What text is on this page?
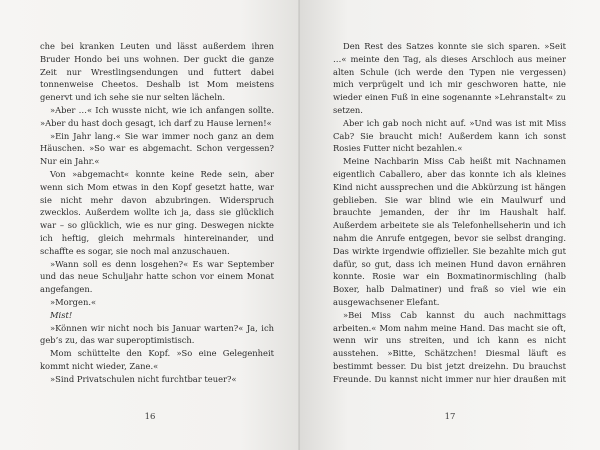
che bei kranken Leuten und lässt außerdem ihren Bruder Hondo bei uns wohnen. Der guckt die ganze Zeit nur Wrestlingsendungen und futtert dabei tonnenweise Cheetos. Deshalb ist Mom meistens genervt und ich sehe sie nur selten lächeln.

»Aber …« Ich wusste nicht, wie ich anfangen sollte. »Aber du hast doch gesagt, ich darf zu Hause lernen!«

»Ein Jahr lang.« Sie war immer noch ganz an dem Häuschen. »So war es abgemacht. Schon vergessen? Nur ein Jahr.«

Von »abgemacht« konnte keine Rede sein, aber wenn sich Mom etwas in den Kopf gesetzt hatte, war sie nicht mehr davon abzubringen. Widerspruch zwecklos. Außerdem wollte ich ja, dass sie glücklich war – so glücklich, wie es nur ging. Deswegen nickte ich heftig, gleich mehrmals hintereinander, und schaffte es sogar, sie noch mal anzuschauen.

»Wann soll es denn losgehen?« Es war September und das neue Schuljahr hatte schon vor einem Monat angefangen.

»Morgen.«

Mist!

»Können wir nicht noch bis Januar warten?« Ja, ich geb’s zu, das war superoptimistisch.

Mom schüttelte den Kopf. »So eine Gelegenheit kommt nicht wieder, Zane.«

»Sind Privatschulen nicht furchtbar teuer?«

16

Den Rest des Satzes konnte sie sich sparen. »Seit …« meinte den Tag, als dieses Arschloch aus meiner alten Schule (ich werde den Typen nie vergessen) mich verprügelt und ich mir geschworen hatte, nie wieder einen Fuß in eine sogenannte »Lehranstalt« zu setzen.

Aber ich gab noch nicht auf. »Und was ist mit Miss Cab? Sie braucht mich! Außerdem kann ich sonst Rosies Futter nicht bezahlen.«

Meine Nachbarin Miss Cab heißt mit Nachnamen eigentlich Caballero, aber das konnte ich als kleines Kind nicht aussprechen und die Abkürzung ist hängen geblieben. Sie war blind wie ein Maulwurf und brauchte jemanden, der ihr im Haushalt half. Außerdem arbeitete sie als Telefonhellseherin und ich nahm die Anrufe entgegen, bevor sie selbst dranging. Das wirkte irgendwie offizieller. Sie bezahlte mich gut dafür, so gut, dass ich meinen Hund davon ernähren konnte. Rosie war ein Boxmatinormischling (halb Boxer, halb Dalmatiner) und fraß so viel wie ein ausgewachsener Elefant.

»Bei Miss Cab kannst du auch nachmittags arbeiten.« Mom nahm meine Hand. Das macht sie oft, wenn wir uns streiten, und ich kann es nicht ausstehen. »Bitte, Schätzchen! Diesmal läuft es bestimmt besser. Du bist jetzt dreizehn. Du brauchst Freunde. Du kannst nicht immer nur hier draußen mit

17
